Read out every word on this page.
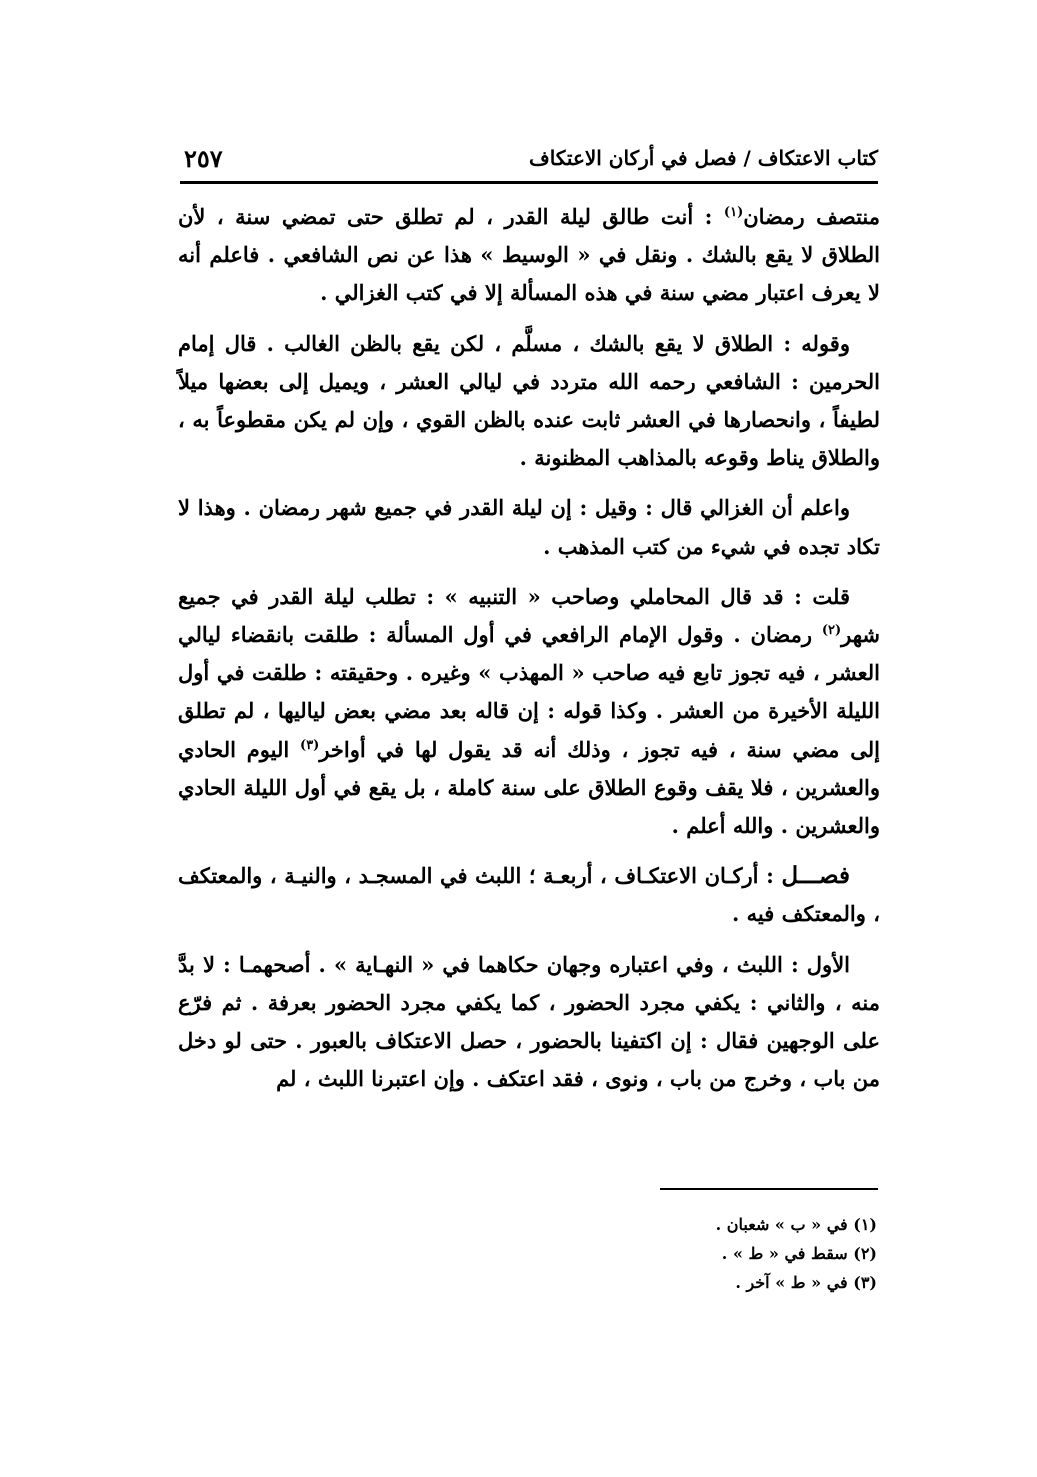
كتاب الاعتكاف / فصل في أركان الاعتكاف
٢٥٧

منتصف رمضان$^{(١)}$ : أنت طالق ليلة القدر ، لم تطلق حتى تمضي سنة ، لأن الطلاق لا يقع بالشك . ونقل في « الوسيط » هذا عن نص الشافعي . فاعلم أنه لا يعرف اعتبار مضي سنة في هذه المسألة إلا في كتب الغزالي .

وقوله : الطلاق لا يقع بالشك ، مسلَّم ، لكن يقع بالظن الغالب . قال إمام الحرمين : الشافعي رحمه الله متردد في ليالي العشر ، ويميل إلى بعضها ميلاً لطيفاً ، وانحصارها في العشر ثابت عنده بالظن القوي ، وإن لم يكن مقطوعاً به ، والطلاق يناط وقوعه بالمذاهب المظنونة .

واعلم أن الغزالي قال : وقيل : إن ليلة القدر في جميع شهر رمضان . وهذا لا تكاد تجده في شيء من كتب المذهب .

قلت : قد قال المحاملي وصاحب « التنبيه » : تطلب ليلة القدر في جميع شهر$^{(٢)}$ رمضان . وقول الإمام الرافعي في أول المسألة : طلقت بانقضاء ليالي العشر ، فيه تجوز تابع فيه صاحب « المهذب » وغيره . وحقيقته : طلقت في أول الليلة الأخيرة من العشر . وكذا قوله : إن قاله بعد مضي بعض لياليها ، لم تطلق إلى مضي سنة ، فيه تجوز ، وذلك أنه قد يقول لها في أواخر$^{(٣)}$ اليوم الحادي والعشرين ، فلا يقف وقوع الطلاق على سنة كاملة ، بل يقع في أول الليلة الحادي والعشرين . والله أعلم .

فصـــل : أركـان الاعتكـاف ، أربعـة ؛ اللبث في المسجـد ، والنيـة ، والمعتكف ، والمعتكف فيه .

الأول : اللبث ، وفي اعتباره وجهان حكاهما في « النهـاية » . أصحهمـا : لا بدَّ منه ، والثاني : يكفي مجرد الحضور ، كما يكفي مجرد الحضور بعرفة . ثم فرّع على الوجهين فقال : إن اكتفينا بالحضور ، حصل الاعتكاف بالعبور . حتى لو دخل من باب ، وخرج من باب ، ونوى ، فقد اعتكف . وإن اعتبرنا اللبث ، لم

(١) في « ب » شعبان .
(٢) سقط في « ط » .
(٣) في « ط » آخر .
